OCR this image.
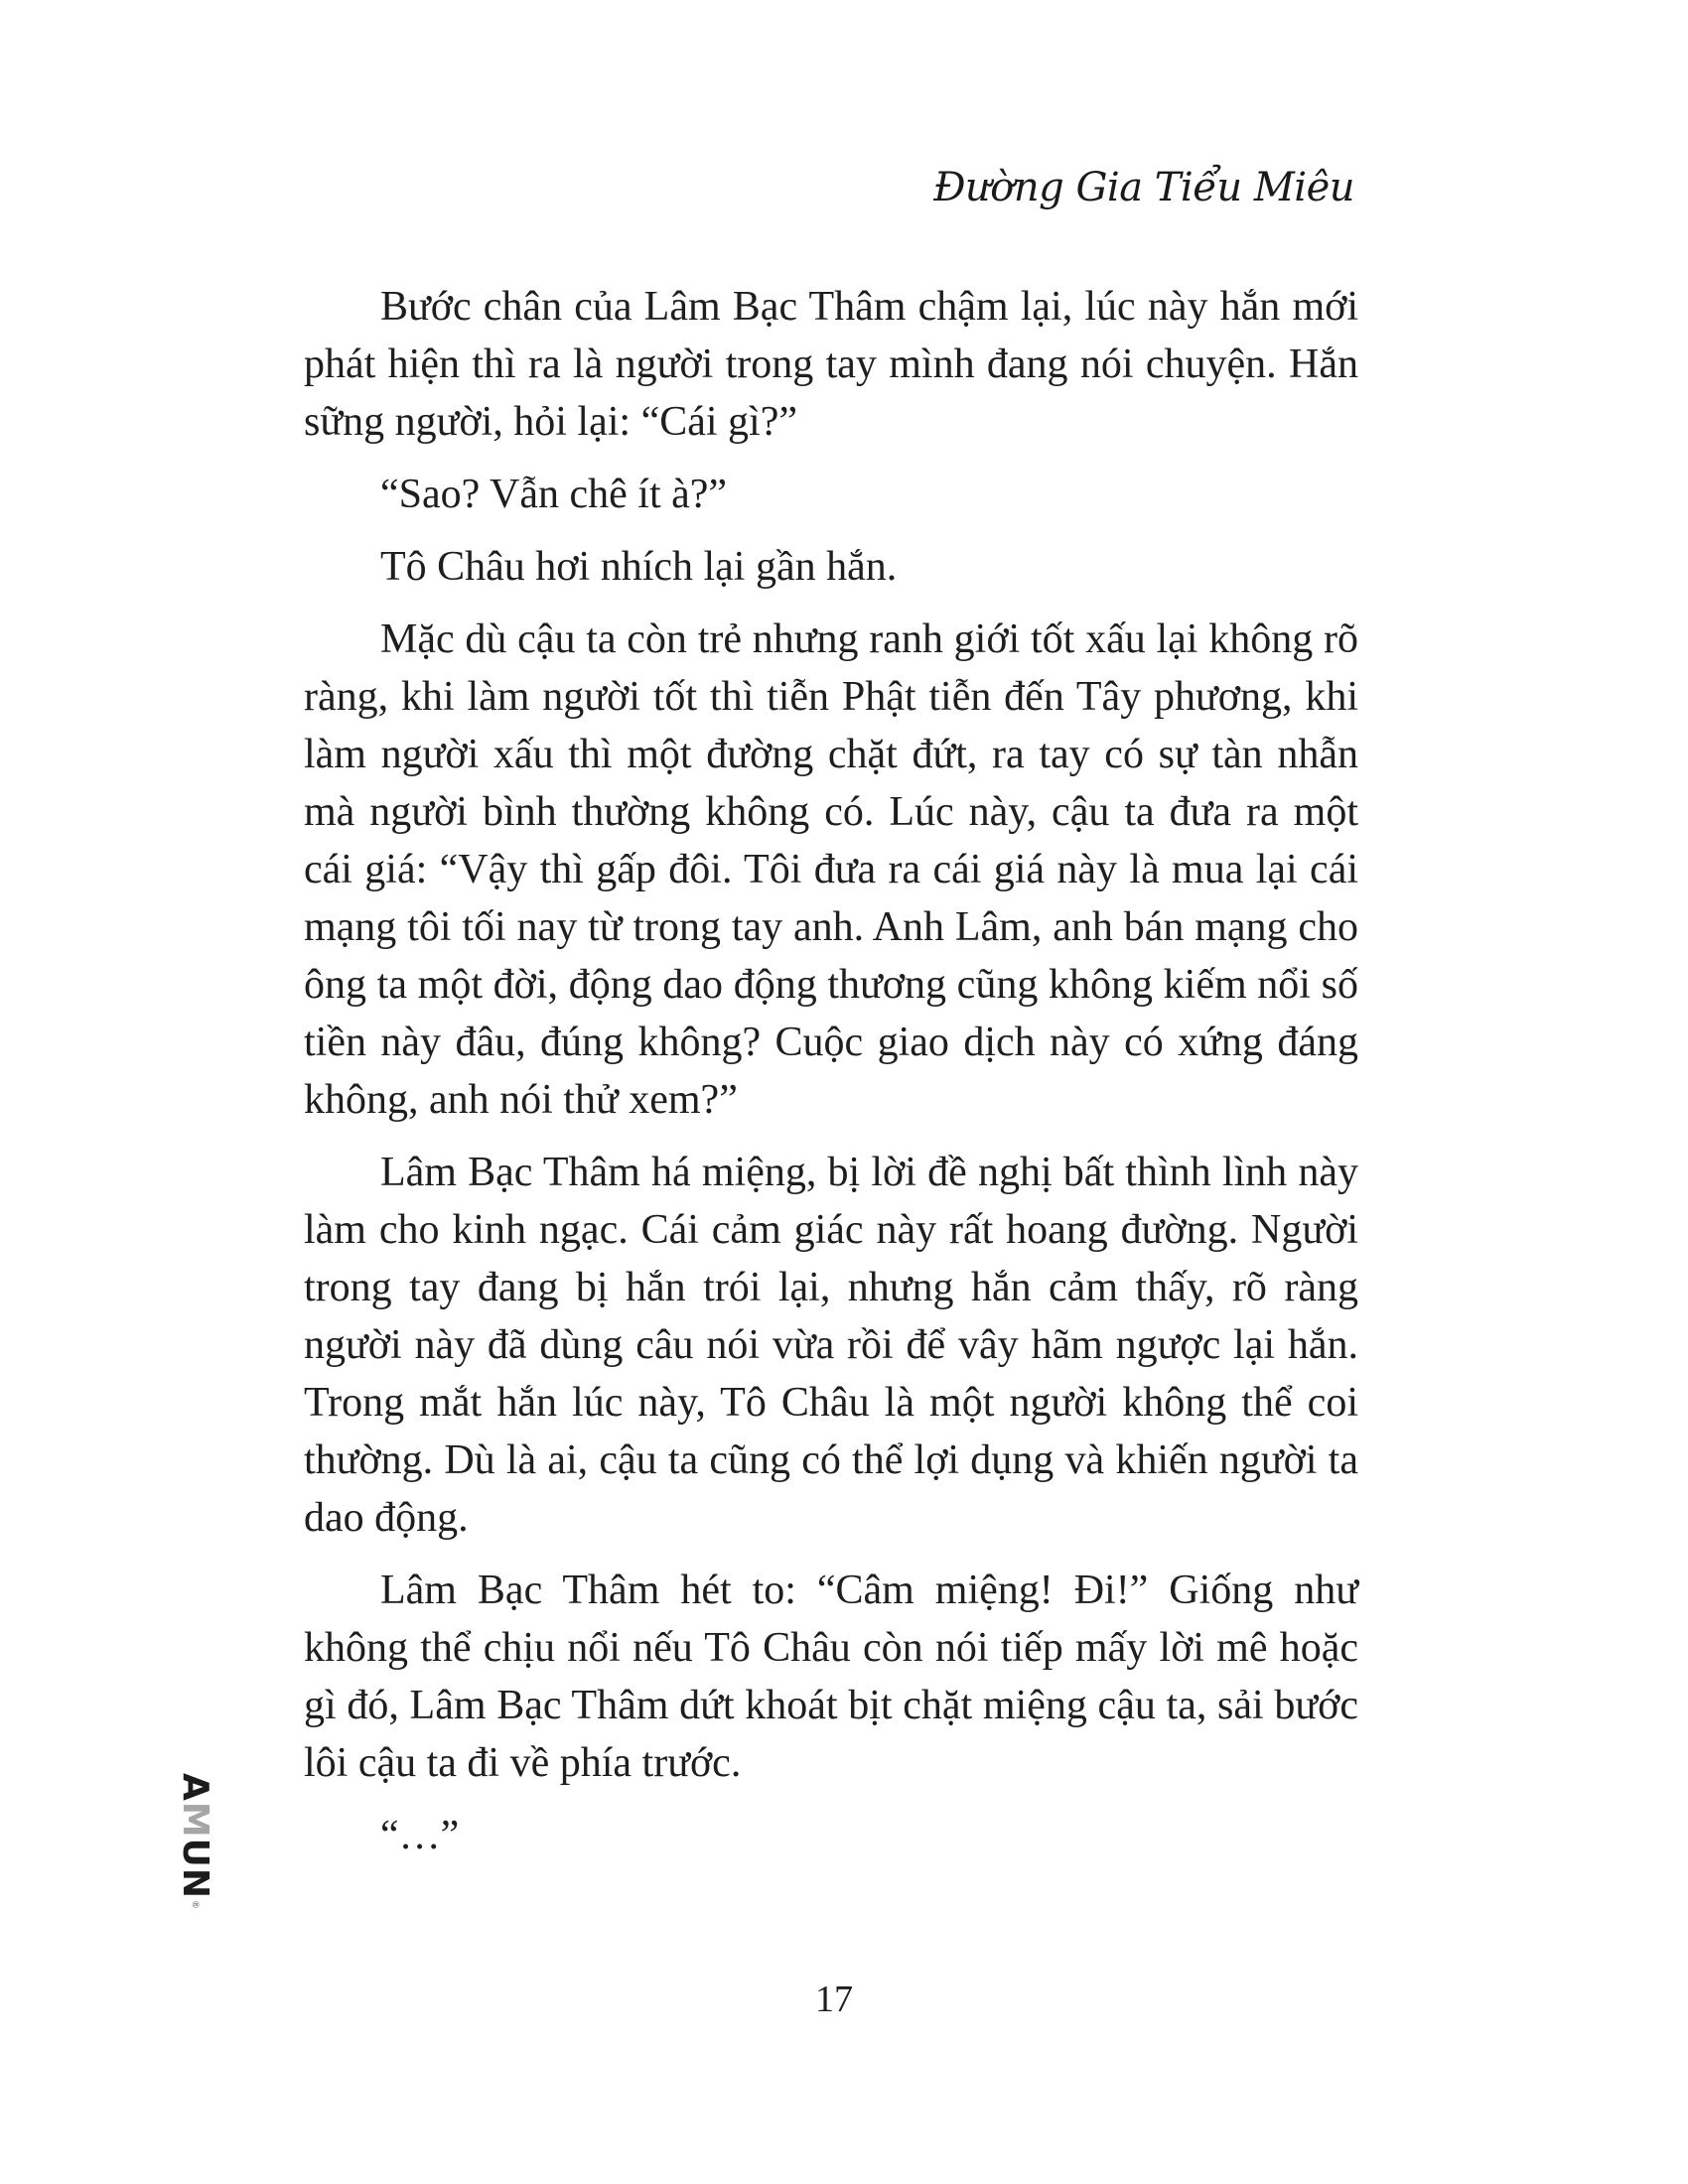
Đường Gia Tiểu Miêu

Bước chân của Lâm Bạc Thâm chậm lại, lúc này hắn mới phát hiện thì ra là người trong tay mình đang nói chuyện. Hắn sững người, hỏi lại: “Cái gì?”

“Sao? Vẫn chê ít à?”

Tô Châu hơi nhích lại gần hắn.

Mặc dù cậu ta còn trẻ nhưng ranh giới tốt xấu lại không rõ ràng, khi làm người tốt thì tiễn Phật tiễn đến Tây phương, khi làm người xấu thì một đường chặt đứt, ra tay có sự tàn nhẫn mà người bình thường không có. Lúc này, cậu ta đưa ra một cái giá: “Vậy thì gấp đôi. Tôi đưa ra cái giá này là mua lại cái mạng tôi tối nay từ trong tay anh. Anh Lâm, anh bán mạng cho ông ta một đời, động dao động thương cũng không kiếm nổi số tiền này đâu, đúng không? Cuộc giao dịch này có xứng đáng không, anh nói thử xem?”

Lâm Bạc Thâm há miệng, bị lời đề nghị bất thình lình này làm cho kinh ngạc. Cái cảm giác này rất hoang đường. Người trong tay đang bị hắn trói lại, nhưng hắn cảm thấy, rõ ràng người này đã dùng câu nói vừa rồi để vây hãm ngược lại hắn. Trong mắt hắn lúc này, Tô Châu là một người không thể coi thường. Dù là ai, cậu ta cũng có thể lợi dụng và khiến người ta dao động.

Lâm Bạc Thâm hét to: “Câm miệng! Đi!” Giống như không thể chịu nổi nếu Tô Châu còn nói tiếp mấy lời mê hoặc gì đó, Lâm Bạc Thâm dứt khoát bịt chặt miệng cậu ta, sải bước lôi cậu ta đi về phía trước.

“…”

AMUN®
17
